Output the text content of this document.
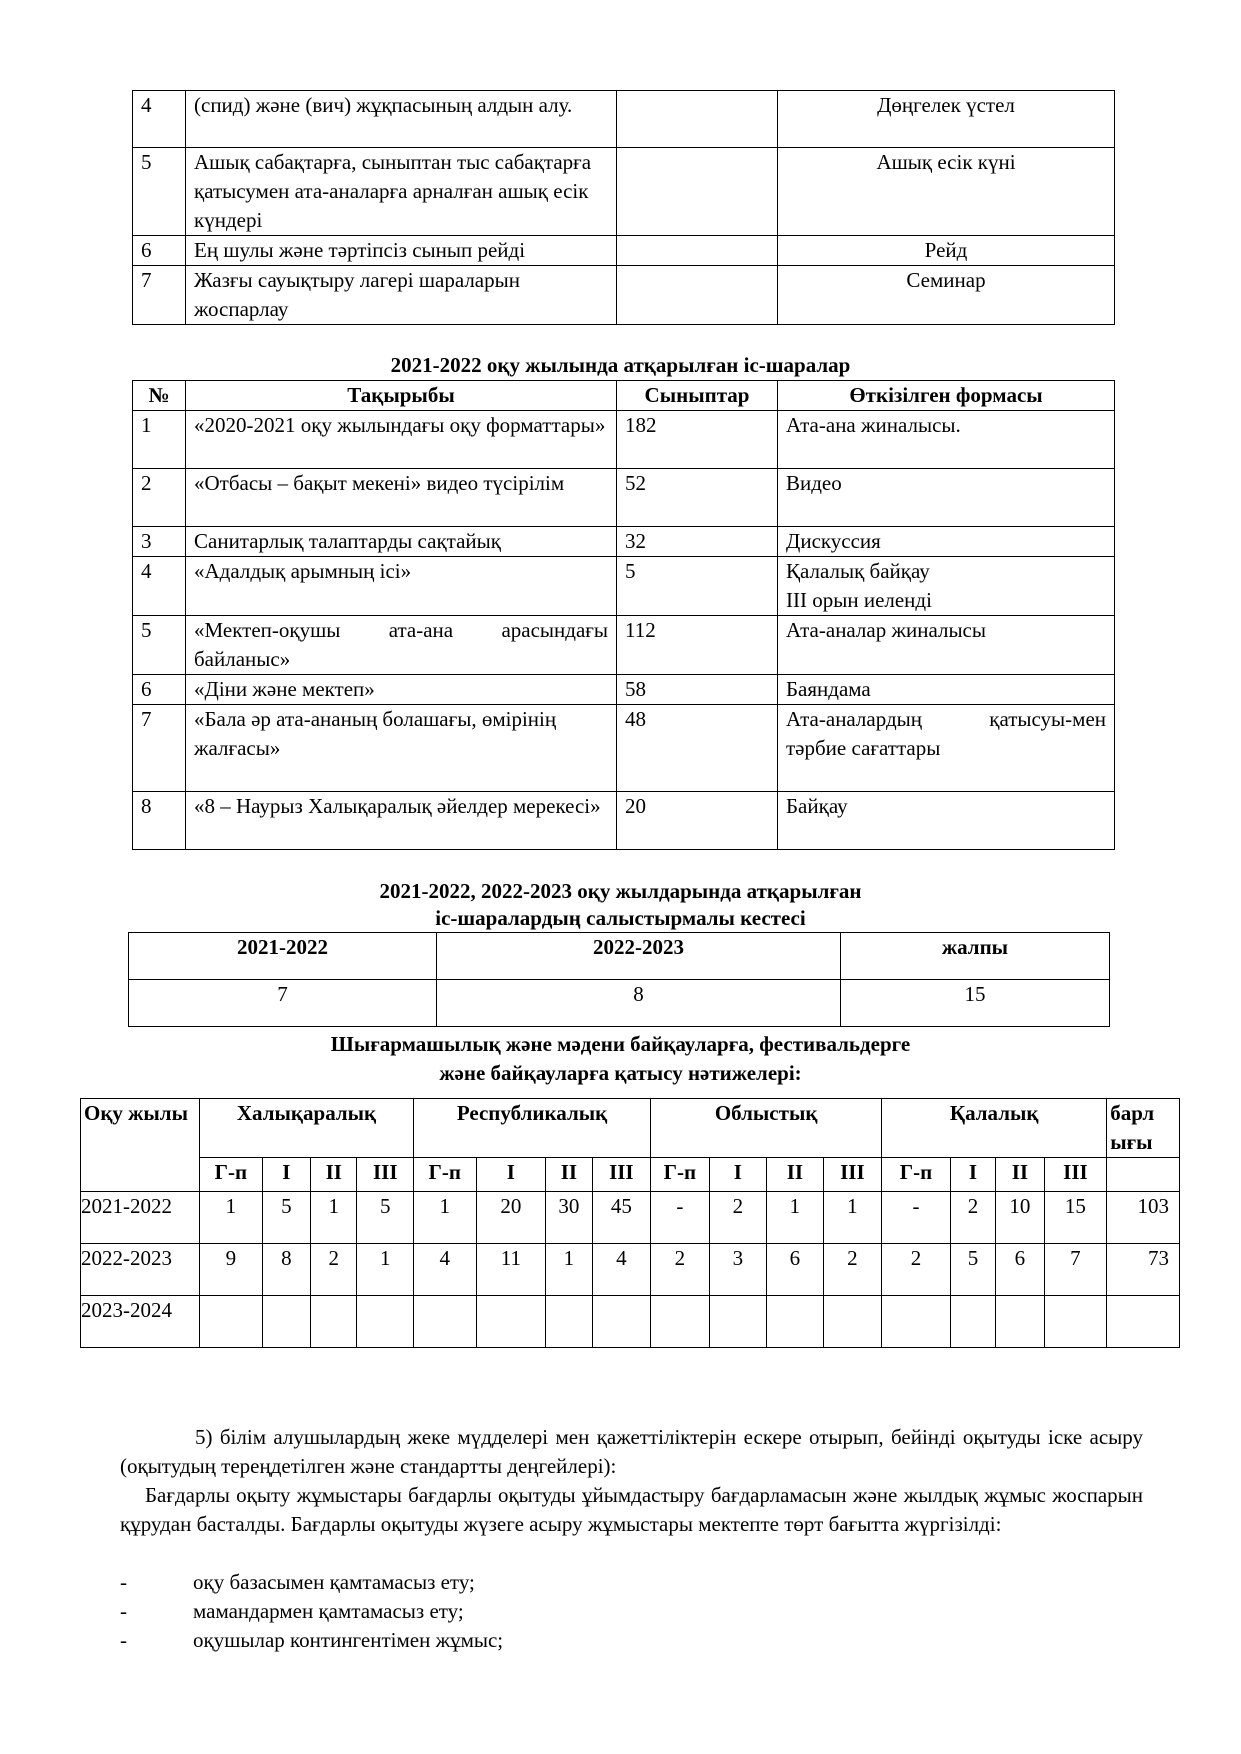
4	(спид) және (вич) жұқпасының алдын алу.		Дөңгелек үстел
5	Ашық сабақтарға, сыныптан тыс сабақтарға қатысумен ата-аналарға арналған ашық есік күндері		Ашық есік күні
6	Ең шулы және тәртіпсіз сынып рейді		Рейд
7	Жазғы сауықтыру лагері шараларын жоспарлау		Семинар
2021-2022 оқу жылында атқарылған іс-шаралар
№	Тақырыбы	Сыныптар	Өткізілген формасы
1	«2020-2021 оқу жылындағы оқу форматтары»	182	Ата-ана жиналысы.
2	«Отбасы – бақыт мекені» видео түсірілім	52	Видео
3	Санитарлық талаптарды сақтайық	32	Дискуссия
4	«Адалдық арымның ісі»	5	Қалалық байқау
ІІІ орын иеленді

5	«Мектеп-оқушы ата-ана арасындағы байланыс»	112	Ата-аналар жиналысы
6	«Діни және мектеп»	58	Баяндама
7	«Бала әр ата-ананың болашағы, өмірінің жалғасы»	48	Ата-аналардың қатысуы-мен тәрбие сағаттары
8	«8 – Наурыз Халықаралық әйелдер мерекесі»	20	Байқау
2021-2022, 2022-2023 оқу жылдарында атқарылған
іс-шаралардың салыстырмалы кестесі
2021-2022	2022-2023	жалпы
7	8	15
Шығармашылық және мәдени байқауларға, фестивальдерге
және байқауларға қатысу нәтижелері:
Оқу жылы	Халықаралық				Республикалық				Облыстық				Қалалық				барл
ығы

	Г-п	І	ІІ	ІІІ	Г-п	І	ІІ	ІІІ	Г-п	І	ІІ	ІІІ	Г-п	І	ІІ	ІІІ	
2021-2022	1	5	1	5	1	20	30	45	-	2	1	1	-	2	10	15	103
2022-2023	9	8	2	1	4	11	1	4	2	3	6	2	2	5	6	7	73
2023-2024																	
5) білім алушылардың жеке мүдделері мен қажеттіліктерін ескере отырып, бейінді оқытуды іске асыру (оқытудың тереңдетілген және стандартты деңгейлері):
Бағдарлы оқыту жұмыстары бағдарлы оқытуды ұйымдастыру бағдарламасын және жылдық жұмыс жоспарын құрудан басталды. Бағдарлы оқытуды жүзеге асыру жұмыстары мектепте төрт бағытта жүргізілді:
-	оқу базасымен қамтамасыз ету;
-	мамандармен қамтамасыз ету;
-	оқушылар контингентімен жұмыс;
